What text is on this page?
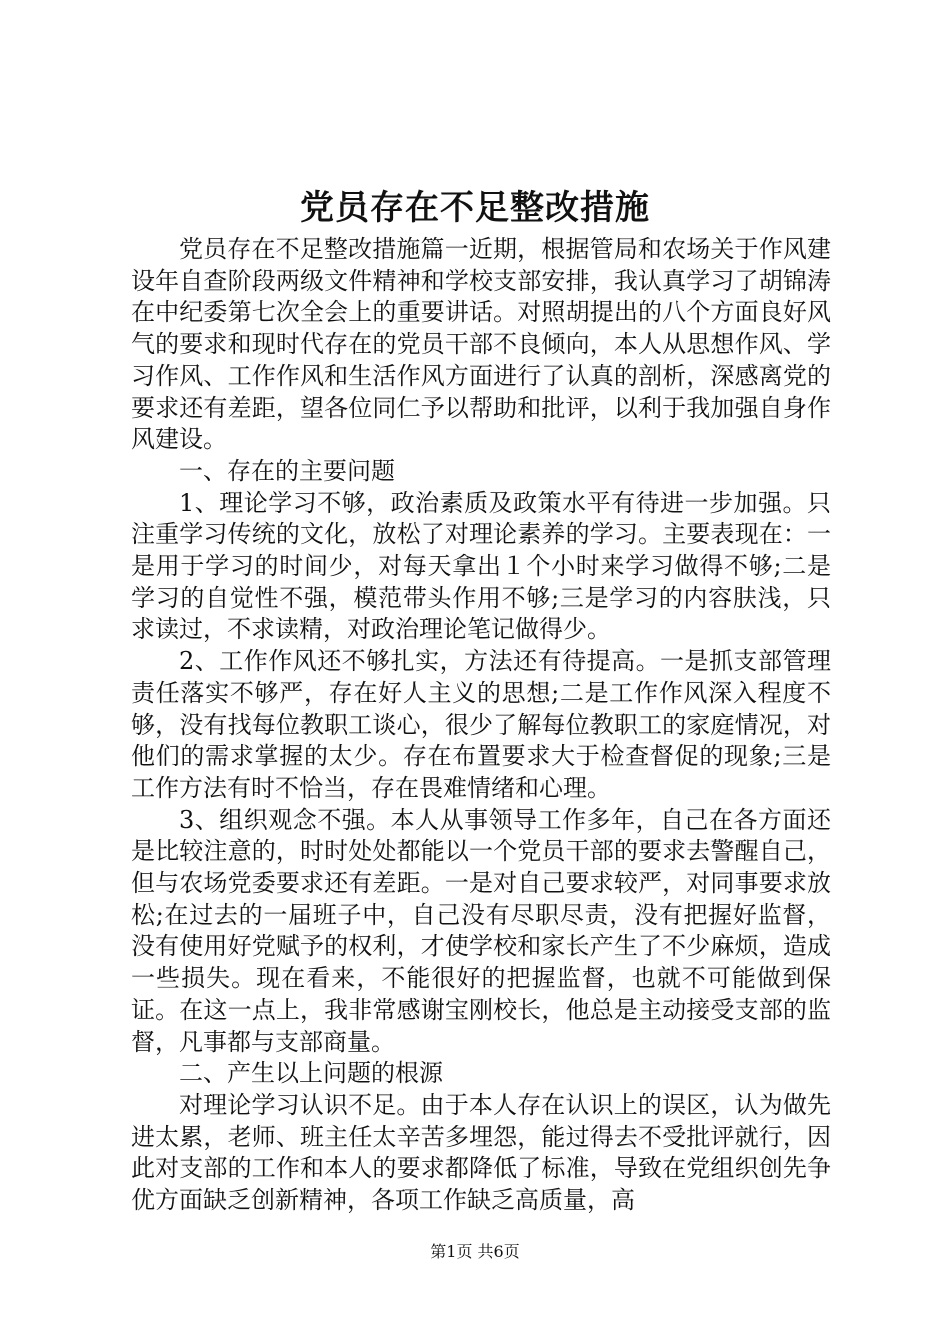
党员存在不足整改措施

党员存在不足整改措施篇一近期，根据管局和农场关于作风建设年自查阶段两级文件精神和学校支部安排，我认真学习了胡锦涛在中纪委第七次全会上的重要讲话。对照胡提出的八个方面良好风气的要求和现时代存在的党员干部不良倾向，本人从思想作风、学习作风、工作作风和生活作风方面进行了认真的剖析，深感离党的要求还有差距，望各位同仁予以帮助和批评，以利于我加强自身作风建设。

一、存在的主要问题

1、理论学习不够，政治素质及政策水平有待进一步加强。只注重学习传统的文化，放松了对理论素养的学习。主要表现在：一是用于学习的时间少，对每天拿出１个小时来学习做得不够;二是学习的自觉性不强，模范带头作用不够;三是学习的内容肤浅，只求读过，不求读精，对政治理论笔记做得少。

2、工作作风还不够扎实，方法还有待提高。一是抓支部管理责任落实不够严，存在好人主义的思想;二是工作作风深入程度不够，没有找每位教职工谈心，很少了解每位教职工的家庭情况，对他们的需求掌握的太少。存在布置要求大于检查督促的现象;三是工作方法有时不恰当，存在畏难情绪和心理。

3、组织观念不强。本人从事领导工作多年，自己在各方面还是比较注意的，时时处处都能以一个党员干部的要求去警醒自己，但与农场党委要求还有差距。一是对自己要求较严，对同事要求放松;在过去的一届班子中，自己没有尽职尽责，没有把握好监督，没有使用好党赋予的权利，才使学校和家长产生了不少麻烦，造成一些损失。现在看来，不能很好的把握监督，也就不可能做到保证。在这一点上，我非常感谢宝刚校长，他总是主动接受支部的监督，凡事都与支部商量。

二、产生以上问题的根源

对理论学习认识不足。由于本人存在认识上的误区，认为做先进太累，老师、班主任太辛苦多埋怨，能过得去不受批评就行，因此对支部的工作和本人的要求都降低了标准，导致在党组织创先争优方面缺乏创新精神，各项工作缺乏高质量，高

第1页 共6页
